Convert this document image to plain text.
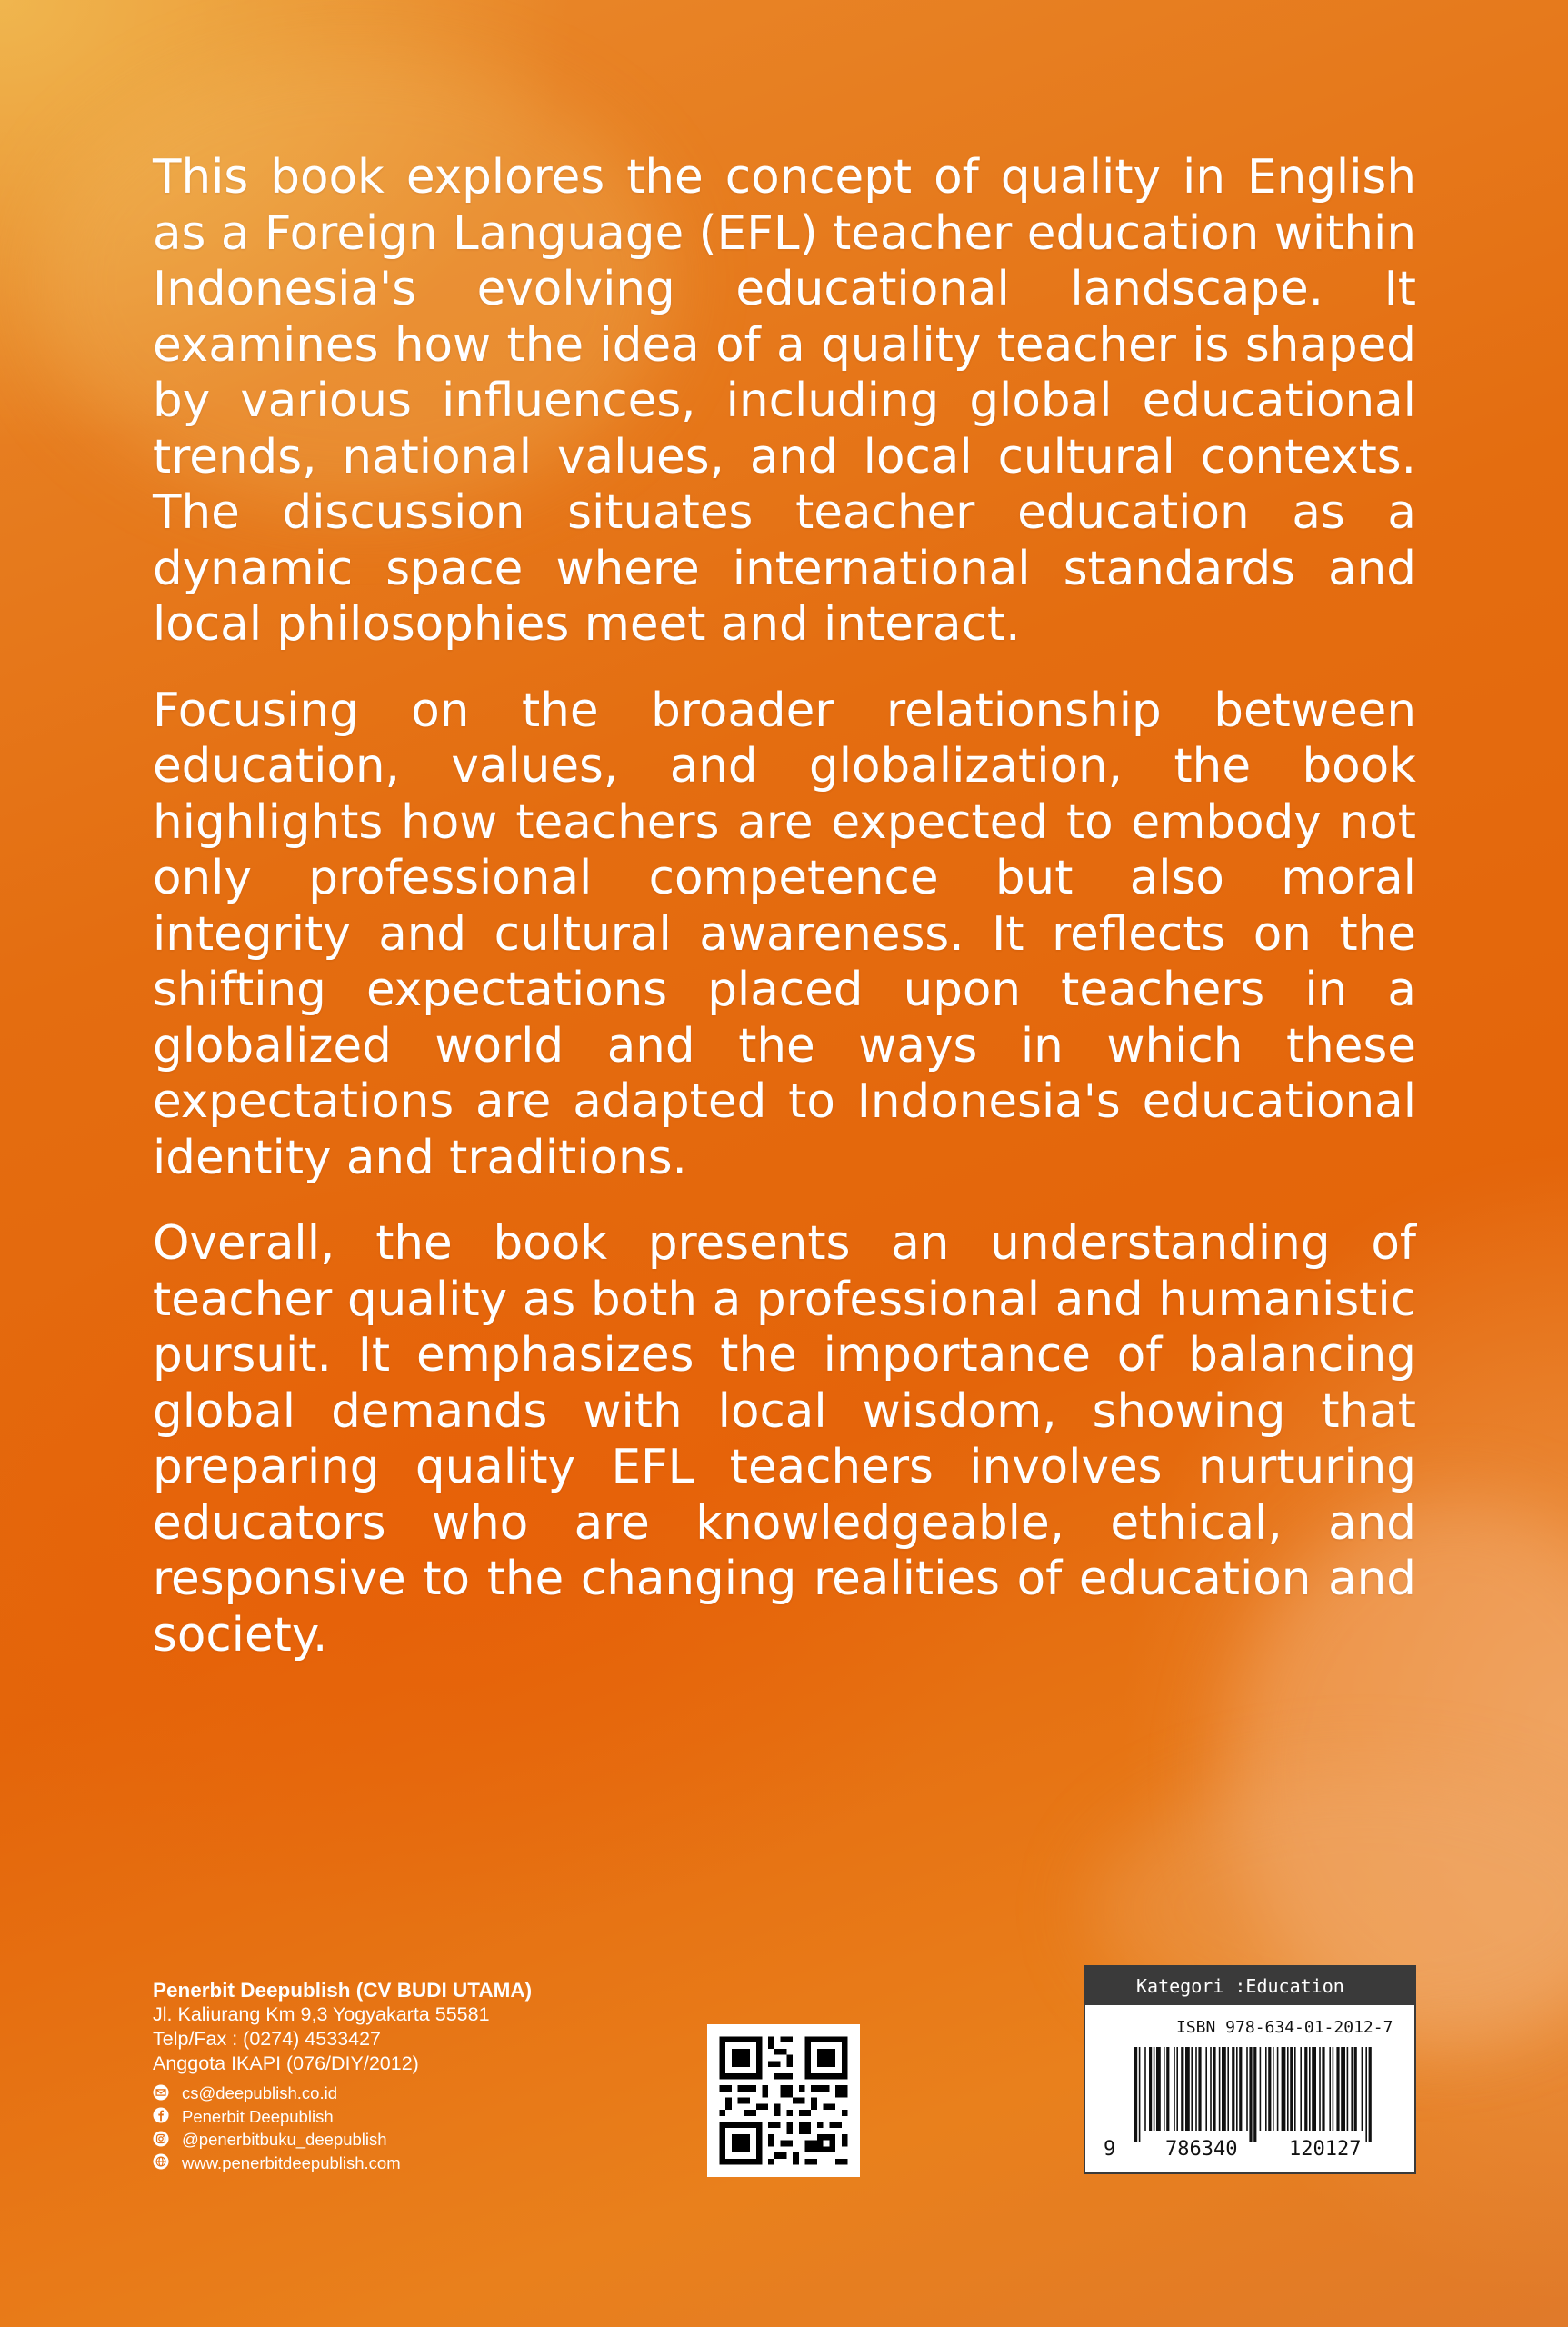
This book explores the concept of quality in English as a Foreign Language (EFL) teacher education within Indonesia's evolving educational landscape. It examines how the idea of a quality teacher is shaped by various influences, including global educational trends, national values, and local cultural contexts. The discussion situates teacher education as a dynamic space where international standards and local philosophies meet and interact.

Focusing on the broader relationship between education, values, and globalization, the book highlights how teachers are expected to embody not only professional competence but also moral integrity and cultural awareness. It reflects on the shifting expectations placed upon teachers in a globalized world and the ways in which these expectations are adapted to Indonesia's educational identity and traditions.

Overall, the book presents an understanding of teacher quality as both a professional and humanistic pursuit. It emphasizes the importance of balancing global demands with local wisdom, showing that preparing quality EFL teachers involves nurturing educators who are knowledgeable, ethical, and responsive to the changing realities of education and society.

Penerbit Deepublish (CV BUDI UTAMA)
Jl. Kaliurang Km 9,3 Yogyakarta 55581
Telp/Fax : (0274) 4533427
Anggota IKAPI (076/DIY/2012)
cs@deepublish.co.id
Penerbit Deepublish
@penerbitbuku_deepublish
www.penerbitdeepublish.com
Kategori :Education
ISBN 978-634-01-2012-7
9 786340	120127
